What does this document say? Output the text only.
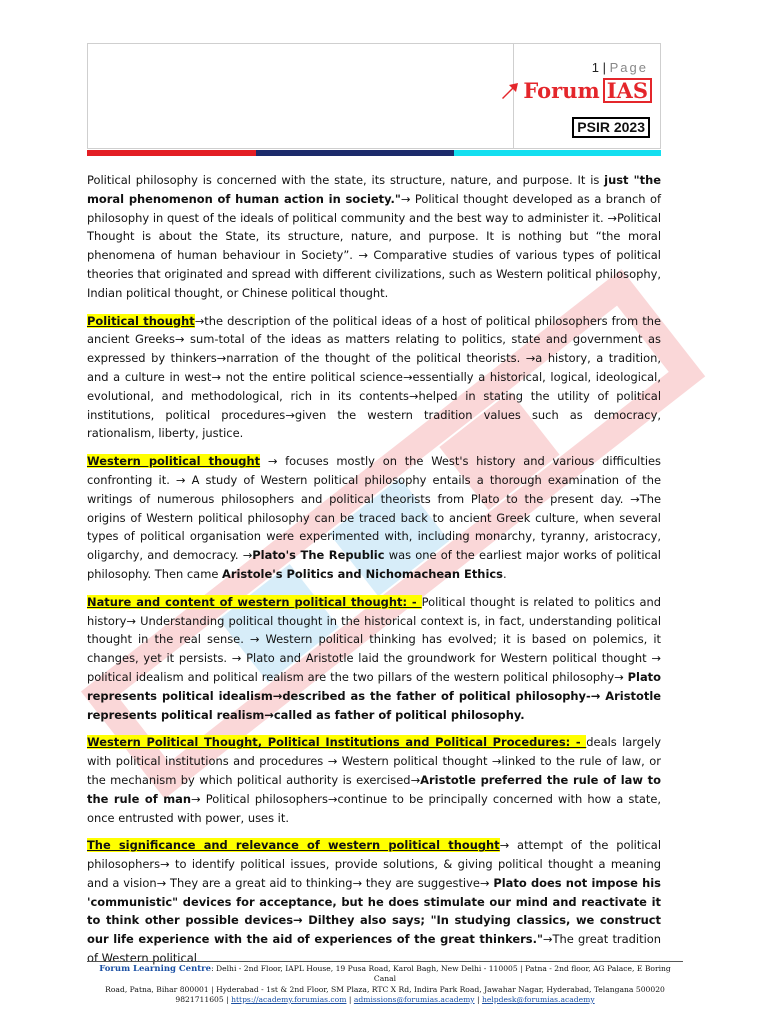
1 | Page
Forum IAS
PSIR 2023

Political philosophy is concerned with the state, its structure, nature, and purpose. It is just "the moral phenomenon of human action in society."→ Political thought developed as a branch of philosophy in quest of the ideals of political community and the best way to administer it. →Political Thought is about the State, its structure, nature, and purpose. It is nothing but “the moral phenomena of human behaviour in Society”. → Comparative studies of various types of political theories that originated and spread with different civilizations, such as Western political philosophy, Indian political thought, or Chinese political thought.

Political thought→the description of the political ideas of a host of political philosophers from the ancient Greeks→ sum-total of the ideas as matters relating to politics, state and government as expressed by thinkers→narration of the thought of the political theorists. →a history, a tradition, and a culture in west→ not the entire political science→essentially a historical, logical, ideological, evolutional, and methodological, rich in its contents→helped in stating the utility of political institutions, political procedures→given the western tradition values such as democracy, rationalism, liberty, justice.

Western political thought → focuses mostly on the West's history and various difficulties confronting it. → A study of Western political philosophy entails a thorough examination of the writings of numerous philosophers and political theorists from Plato to the present day. →The origins of Western political philosophy can be traced back to ancient Greek culture, when several types of political organisation were experimented with, including monarchy, tyranny, aristocracy, oligarchy, and democracy. →Plato's The Republic was one of the earliest major works of political philosophy. Then came Aristole's Politics and Nichomachean Ethics.

Nature and content of western political thought: - Political thought is related to politics and history→ Understanding political thought in the historical context is, in fact, understanding political thought in the real sense. → Western political thinking has evolved; it is based on polemics, it changes, yet it persists. → Plato and Aristotle laid the groundwork for Western political thought → political idealism and political realism are the two pillars of the western political philosophy→ Plato represents political idealism→described as the father of political philosophy-→ Aristotle represents political realism→called as father of political philosophy.

Western Political Thought, Political Institutions and Political Procedures: - deals largely with political institutions and procedures → Western political thought →linked to the rule of law, or the mechanism by which political authority is exercised→Aristotle preferred the rule of law to the rule of man→ Political philosophers→continue to be principally concerned with how a state, once entrusted with power, uses it.

The significance and relevance of western political thought→ attempt of the political philosophers→ to identify political issues, provide solutions, & giving political thought a meaning and a vision→ They are a great aid to thinking→ they are suggestive→ Plato does not impose his 'communistic" devices for acceptance, but he does stimulate our mind and reactivate it to think other possible devices→ Dilthey also says; "In studying classics, we construct our life experience with the aid of experiences of the great thinkers."→The great tradition of Western political

Forum Learning Centre: Delhi - 2nd Floor, IAPL House, 19 Pusa Road, Karol Bagh, New Delhi - 110005 | Patna - 2nd floor, AG Palace, E Boring Canal
Road, Patna, Bihar 800001 | Hyderabad - 1st & 2nd Floor, SM Plaza, RTC X Rd, Indira Park Road, Jawahar Nagar, Hyderabad, Telangana 500020
9821711605 | https://academy.forumias.com | admissions@forumias.academy | helpdesk@forumias.academy
